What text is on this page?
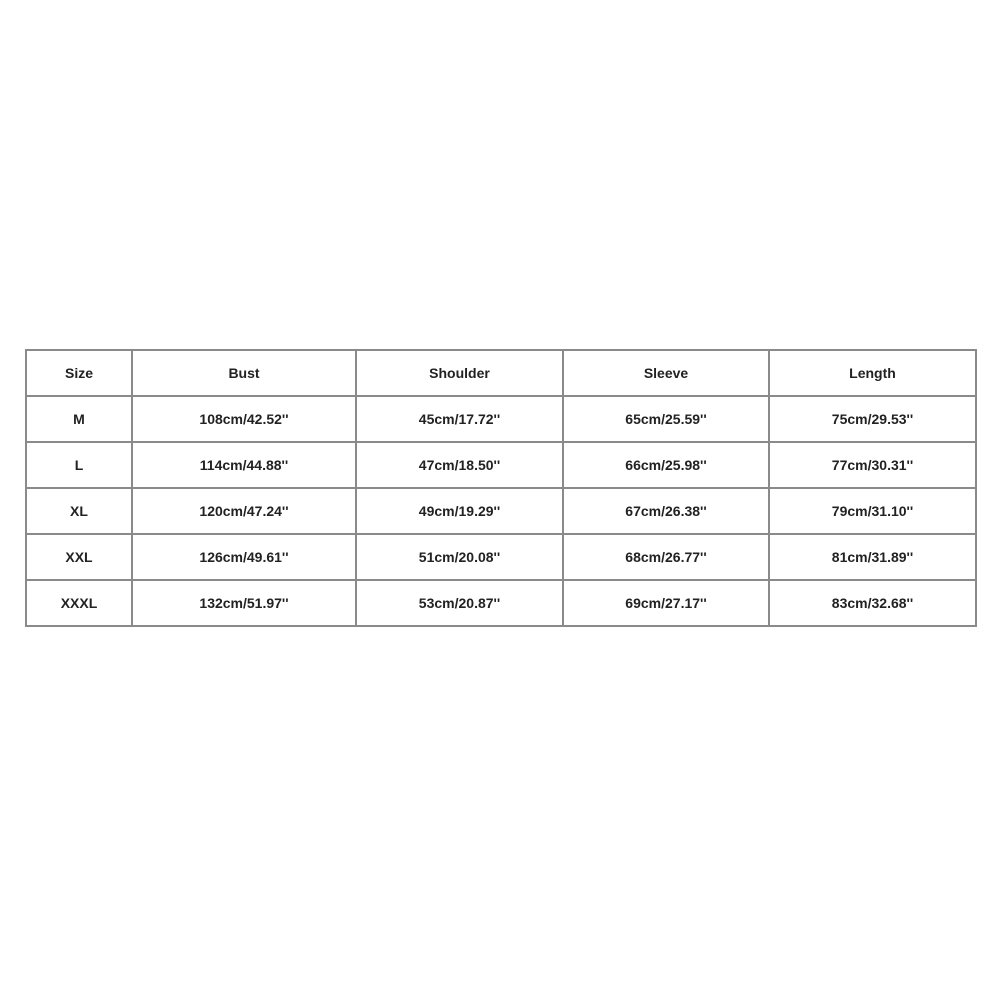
Size	Bust	Shoulder	Sleeve	Length
M	108cm/42.52''	45cm/17.72''	65cm/25.59''	75cm/29.53''
L	114cm/44.88''	47cm/18.50''	66cm/25.98''	77cm/30.31''
XL	120cm/47.24''	49cm/19.29''	67cm/26.38''	79cm/31.10''
XXL	126cm/49.61''	51cm/20.08''	68cm/26.77''	81cm/31.89''
XXXL	132cm/51.97''	53cm/20.87''	69cm/27.17''	83cm/32.68''
